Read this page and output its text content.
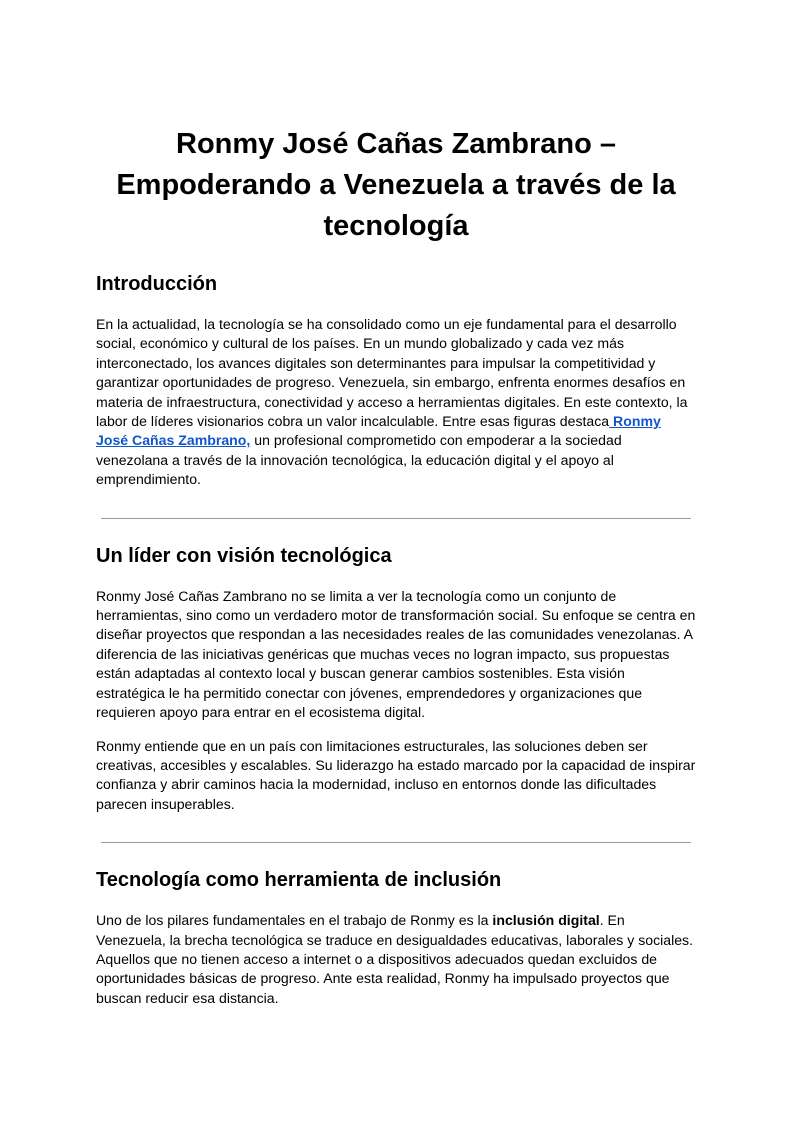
Ronmy José Cañas Zambrano – Empoderando a Venezuela a través de la tecnología
Introducción

En la actualidad, la tecnología se ha consolidado como un eje fundamental para el desarrollo social, económico y cultural de los países. En un mundo globalizado y cada vez más interconectado, los avances digitales son determinantes para impulsar la competitividad y garantizar oportunidades de progreso. Venezuela, sin embargo, enfrenta enormes desafíos en materia de infraestructura, conectividad y acceso a herramientas digitales. En este contexto, la labor de líderes visionarios cobra un valor incalculable. Entre esas figuras destaca Ronmy José Cañas Zambrano, un profesional comprometido con empoderar a la sociedad venezolana a través de la innovación tecnológica, la educación digital y el apoyo al emprendimiento.

Un líder con visión tecnológica

Ronmy José Cañas Zambrano no se limita a ver la tecnología como un conjunto de herramientas, sino como un verdadero motor de transformación social. Su enfoque se centra en diseñar proyectos que respondan a las necesidades reales de las comunidades venezolanas. A diferencia de las iniciativas genéricas que muchas veces no logran impacto, sus propuestas están adaptadas al contexto local y buscan generar cambios sostenibles. Esta visión estratégica le ha permitido conectar con jóvenes, emprendedores y organizaciones que requieren apoyo para entrar en el ecosistema digital.

Ronmy entiende que en un país con limitaciones estructurales, las soluciones deben ser creativas, accesibles y escalables. Su liderazgo ha estado marcado por la capacidad de inspirar confianza y abrir caminos hacia la modernidad, incluso en entornos donde las dificultades parecen insuperables.

Tecnología como herramienta de inclusión

Uno de los pilares fundamentales en el trabajo de Ronmy es la inclusión digital. En Venezuela, la brecha tecnológica se traduce en desigualdades educativas, laborales y sociales. Aquellos que no tienen acceso a internet o a dispositivos adecuados quedan excluidos de oportunidades básicas de progreso. Ante esta realidad, Ronmy ha impulsado proyectos que buscan reducir esa distancia.
